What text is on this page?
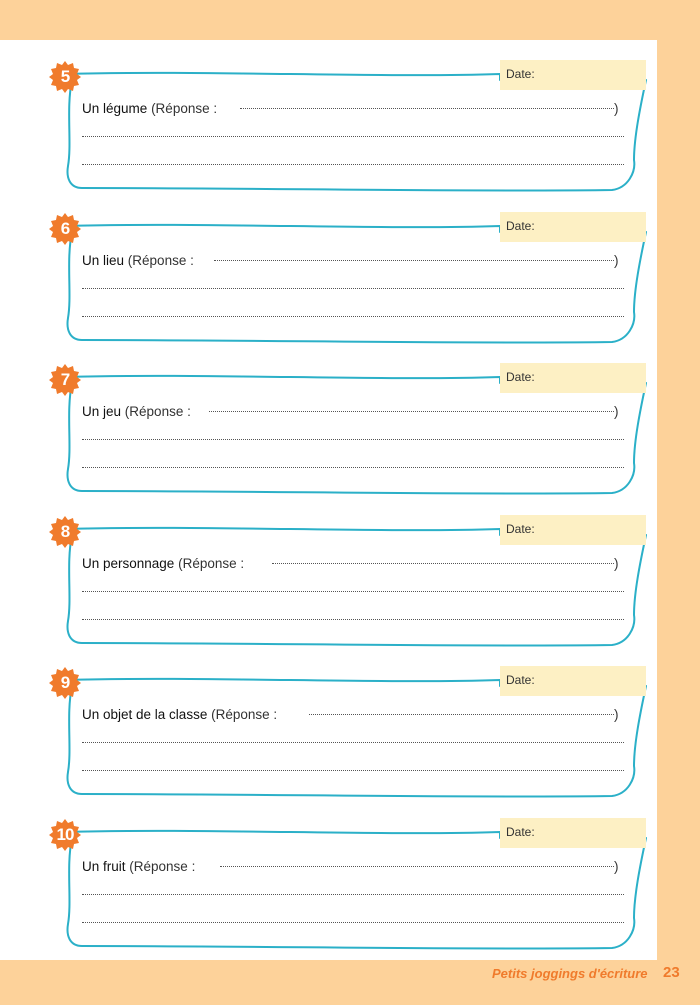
5	Date:
Un légume (Réponse :	)
6	Date:
Un lieu (Réponse :	)
7	Date:
Un jeu (Réponse :	)
8	Date:
Un personnage (Réponse :	)
9	Date:
Un objet de la classe (Réponse :	)
10	Date:
Un fruit (Réponse :	)
Petits joggings d'écriture 23
